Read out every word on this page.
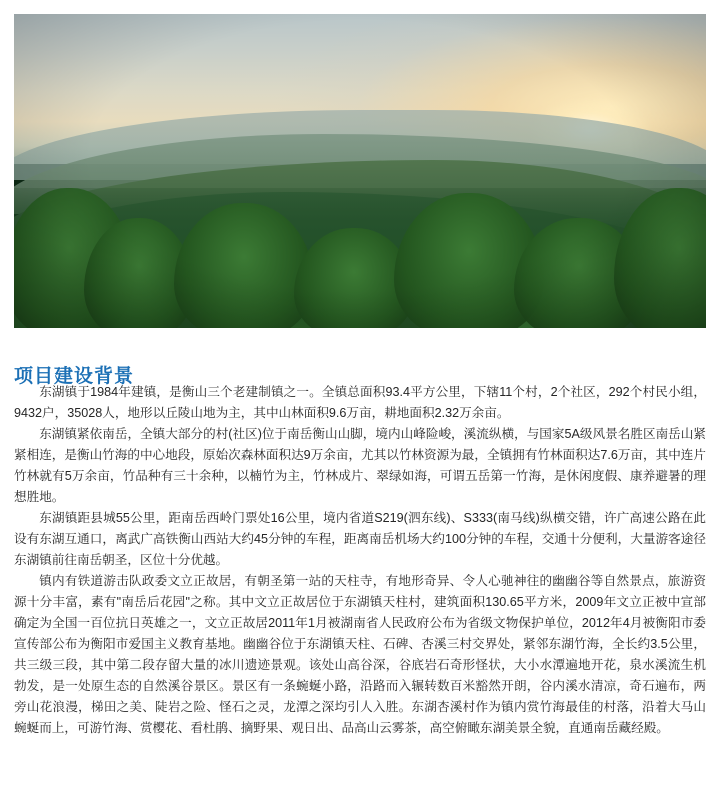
项目建设背景

东湖镇于1984年建镇，是衡山三个老建制镇之一。全镇总面积93.4平方公里，下辖11个村，2个社区，292个村民小组，9432户，35028人，地形以丘陵山地为主，其中山林面积9.6万亩，耕地面积2.32万余亩。

东湖镇紧依南岳，全镇大部分的村(社区)位于南岳衡山山脚，境内山峰险峻，溪流纵横，与国家5A级风景名胜区南岳山紧紧相连，是衡山竹海的中心地段，原始次森林面积达9万余亩，尤其以竹林资源为最，全镇拥有竹林面积达7.6万亩，其中连片竹林就有5万余亩，竹品种有三十余种，以楠竹为主，竹林成片、翠绿如海，可谓五岳第一竹海，是休闲度假、康养避暑的理想胜地。

东湖镇距县城55公里，距南岳西岭门票处16公里，境内省道S219(泗东线)、S333(南马线)纵横交错，许广高速公路在此设有东湖互通口，离武广高铁衡山西站大约45分钟的车程，距离南岳机场大约100分钟的车程，交通十分便利，大量游客途径东湖镇前往南岳朝圣，区位十分优越。

镇内有铁道游击队政委文立正故居，有朝圣第一站的天柱寺，有地形奇异、令人心驰神往的幽幽谷等自然景点，旅游资源十分丰富，素有"南岳后花园"之称。其中文立正故居位于东湖镇天柱村，建筑面积130.65平方米，2009年文立正被中宣部确定为全国一百位抗日英雄之一，文立正故居2011年1月被湖南省人民政府公布为省级文物保护单位，2012年4月被衡阳市委宣传部公布为衡阳市爱国主义教育基地。幽幽谷位于东湖镇天柱、石碑、杏溪三村交界处，紧邻东湖竹海，全长约3.5公里，共三级三段，其中第二段存留大量的冰川遗迹景观。该处山高谷深，谷底岩石奇形怪状，大小水潭遍地开花，泉水溪流生机勃发，是一处原生态的自然溪谷景区。景区有一条蜿蜒小路，沿路而入辗转数百米豁然开朗，谷内溪水清凉，奇石遍布，两旁山花浪漫，梯田之美、陡岩之险、怪石之灵，龙潭之深均引人入胜。东湖杏溪村作为镇内赏竹海最佳的村落，沿着大马山蜿蜒而上，可游竹海、赏樱花、看杜鹃、摘野果、观日出、品高山云雾茶，高空俯瞰东湖美景全貌，直通南岳藏经殿。
